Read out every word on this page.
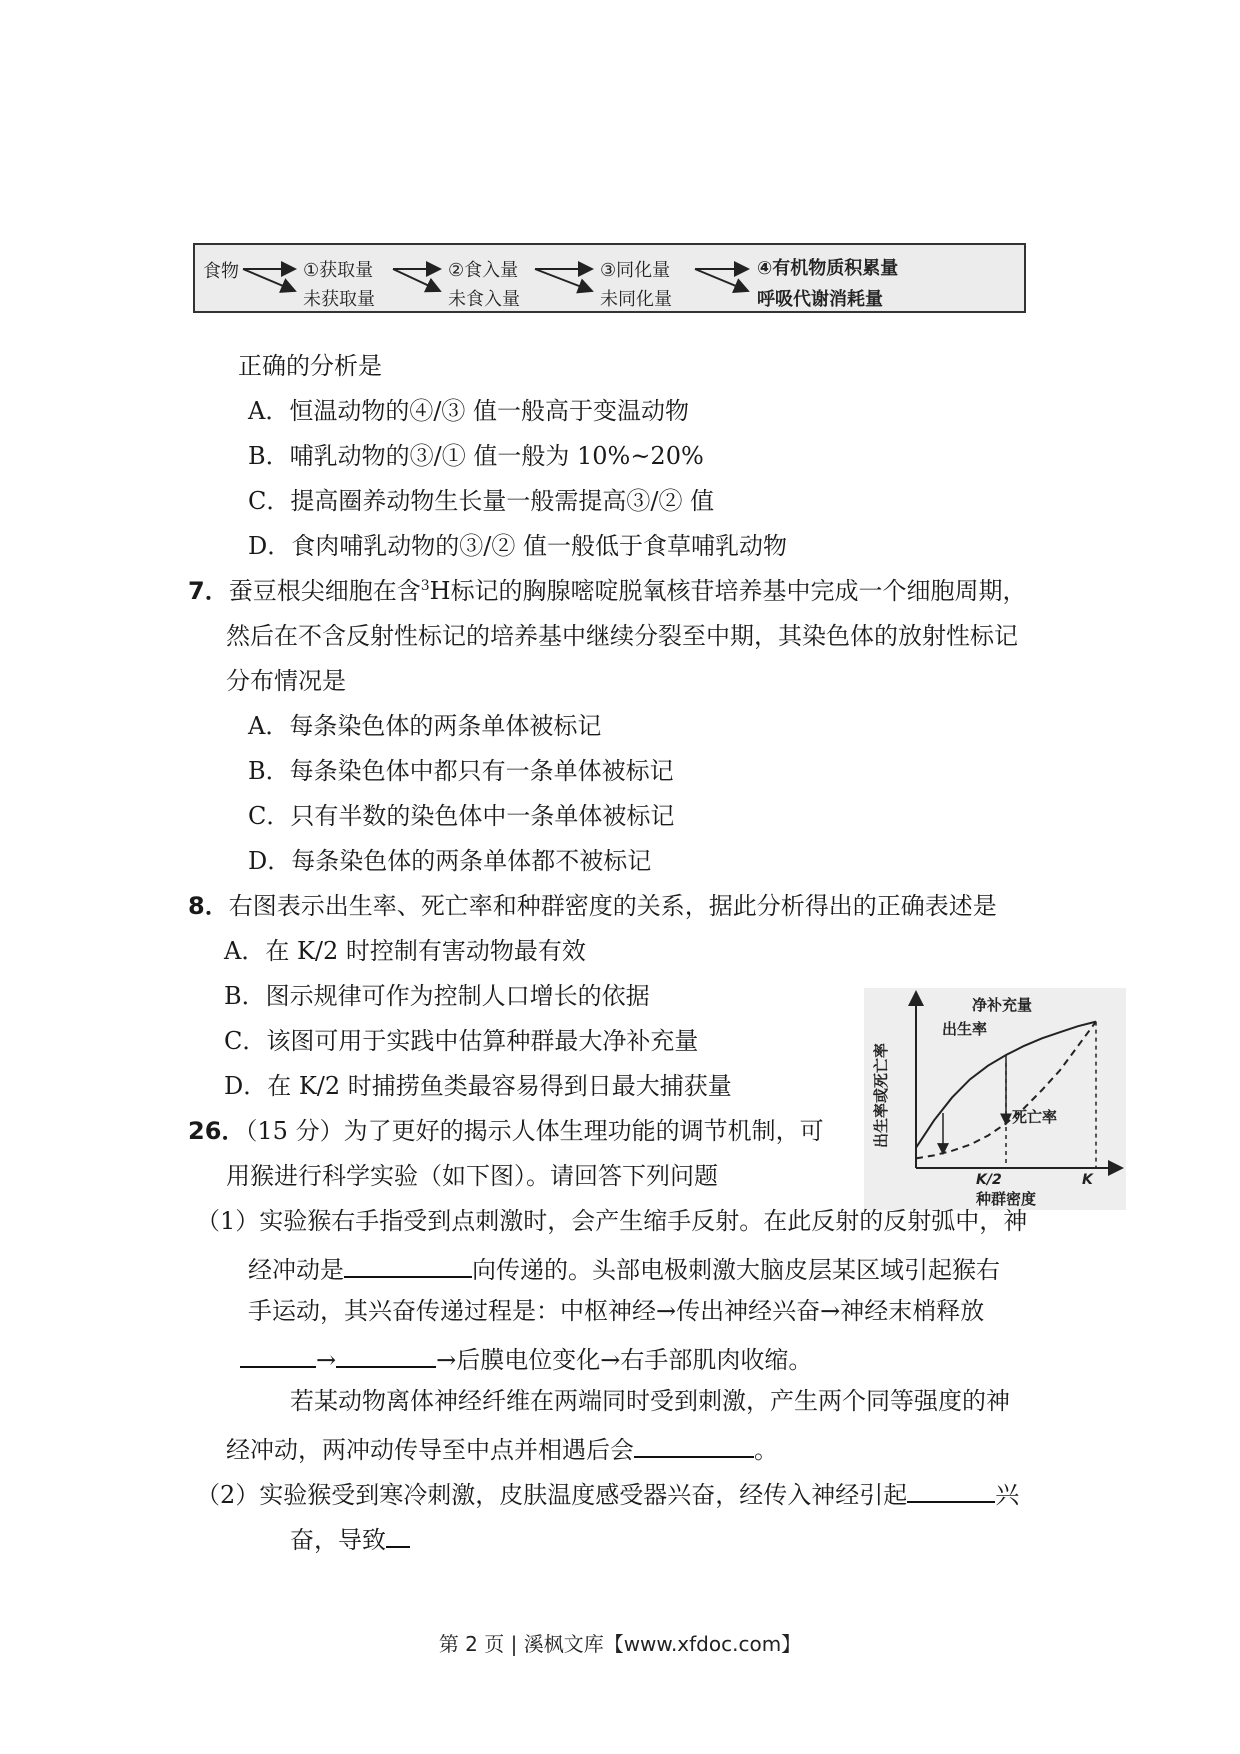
食物	①获取量	②食入量	③同化量	④有机物质积累量
未获取量	未食入量	未同化量	呼吸代谢消耗量
正确的分析是
A．恒温动物的④/③ 值一般高于变温动物
B．哺乳动物的③/① 值一般为 10%~20%
C．提高圈养动物生长量一般需提高③/② 值
D．食肉哺乳动物的③/② 值一般低于食草哺乳动物
7．蚕豆根尖细胞在含$^3$H标记的胸腺嘧啶脱氧核苷培养基中完成一个细胞周期，
然后在不含反射性标记的培养基中继续分裂至中期，其染色体的放射性标记
分布情况是
A．每条染色体的两条单体被标记
B．每条染色体中都只有一条单体被标记
C．只有半数的染色体中一条单体被标记
D．每条染色体的两条单体都不被标记
8．右图表示出生率、死亡率和种群密度的关系，据此分析得出的正确表述是
A．在 K/2 时控制有害动物最有效
B．图示规律可作为控制人口增长的依据
C．该图可用于实践中估算种群最大净补充量
D．在 K/2 时捕捞鱼类最容易得到日最大捕获量
净补充量
出生率
死亡率
出生率或死亡率
K/2	K
种群密度
26．（15 分）为了更好的揭示人体生理功能的调节机制，可
用猴进行科学实验（如下图）。请回答下列问题
（1）实验猴右手指受到点刺激时，会产生缩手反射。在此反射的反射弧中，神
经冲动是	向传递的。头部电极刺激大脑皮层某区域引起猴右
手运动，其兴奋传递过程是：中枢神经→传出神经兴奋→神经末梢释放
→	→后膜电位变化→右手部肌肉收缩。
若某动物离体神经纤维在两端同时受到刺激，产生两个同等强度的神
经冲动，两冲动传导至中点并相遇后会	。
（2）实验猴受到寒冷刺激，皮肤温度感受器兴奋，经传入神经引起	兴
奋，导致
第 2 页 | 溪枫文库【www.xfdoc.com】
